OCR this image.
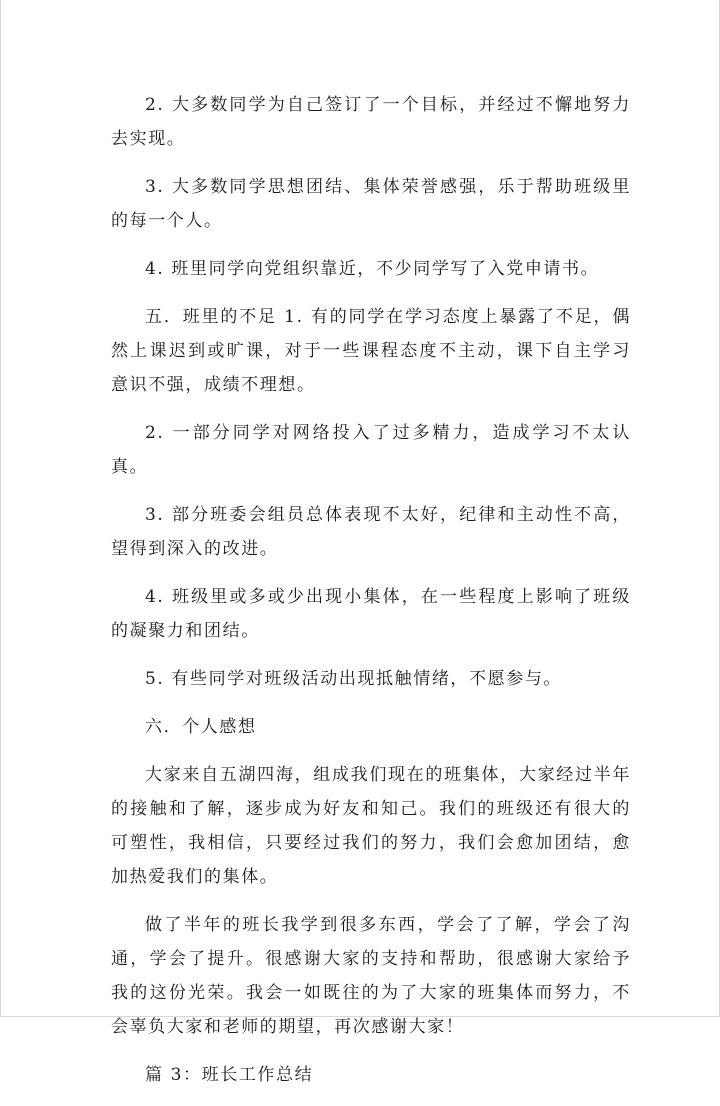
2. 大多数同学为自己签订了一个目标，并经过不懈地努力去实现。

3. 大多数同学思想团结、集体荣誉感强，乐于帮助班级里的每一个人。

4. 班里同学向党组织靠近，不少同学写了入党申请书。

五．班里的不足 1. 有的同学在学习态度上暴露了不足，偶然上课迟到或旷课，对于一些课程态度不主动，课下自主学习意识不强，成绩不理想。

2. 一部分同学对网络投入了过多精力，造成学习不太认真。

3. 部分班委会组员总体表现不太好，纪律和主动性不高，望得到深入的改进。

4. 班级里或多或少出现小集体，在一些程度上影响了班级的凝聚力和团结。

5. 有些同学对班级活动出现抵触情绪，不愿参与。

六．个人感想

大家来自五湖四海，组成我们现在的班集体，大家经过半年的接触和了解，逐步成为好友和知己。我们的班级还有很大的可塑性，我相信，只要经过我们的努力，我们会愈加团结，愈加热爱我们的集体。

做了半年的班长我学到很多东西，学会了了解，学会了沟通，学会了提升。很感谢大家的支持和帮助，很感谢大家给予我的这份光荣。我会一如既往的为了大家的班集体而努力，不会辜负大家和老师的期望，再次感谢大家！

篇 3：班长工作总结
